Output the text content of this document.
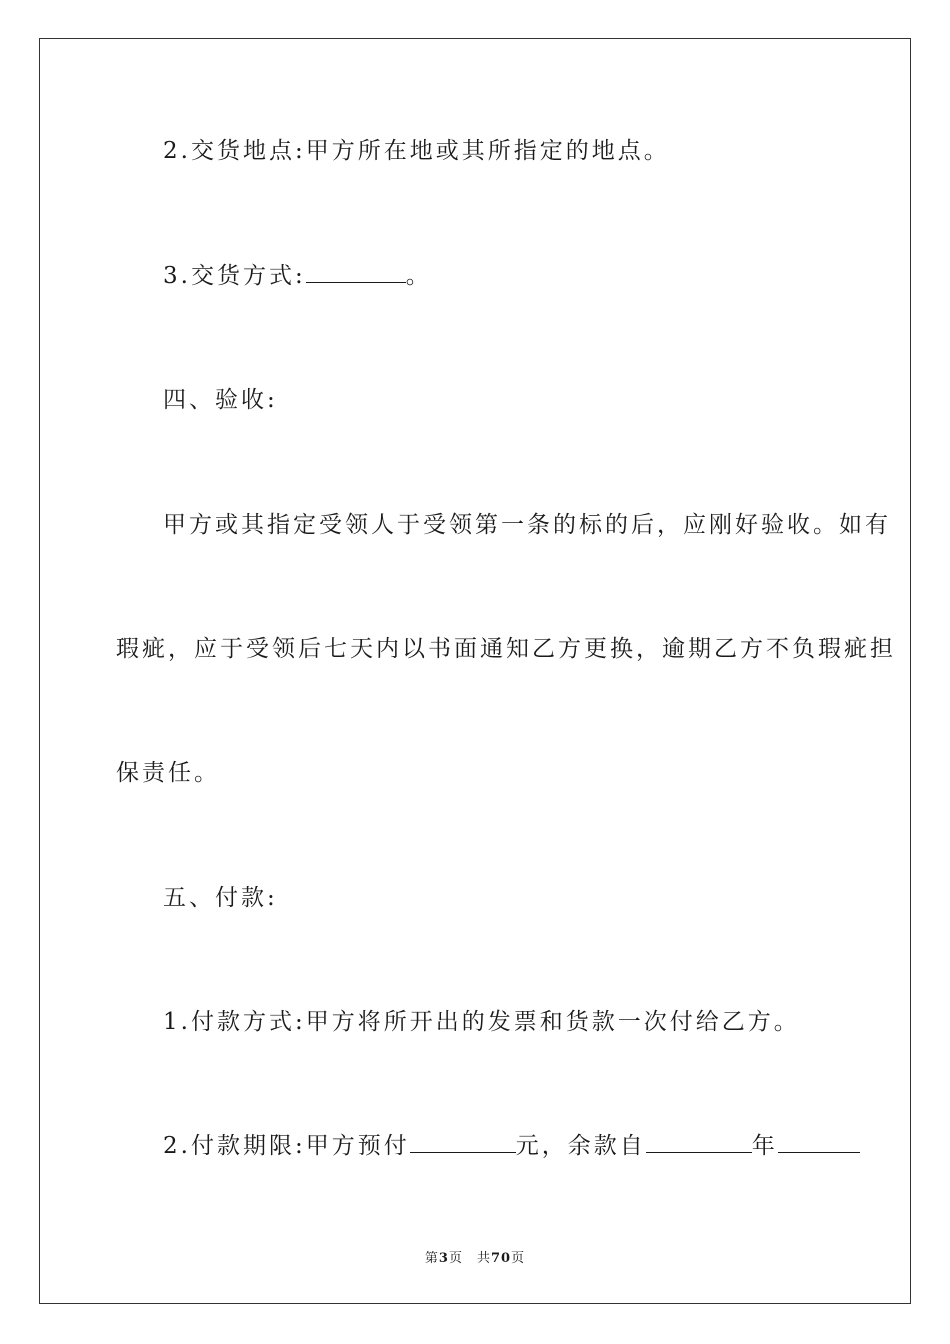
2.交货地点:甲方所在地或其所指定的地点。
3.交货方式:	。
四、验收:
甲方或其指定受领人于受领第一条的标的后，应刚好验收。如有
瑕疵，应于受领后七天内以书面通知乙方更换，逾期乙方不负瑕疵担
保责任。
五、付款:
1.付款方式:甲方将所开出的发票和货款一次付给乙方。
2.付款期限:甲方预付	元，余款自	年
第3页　共70页
